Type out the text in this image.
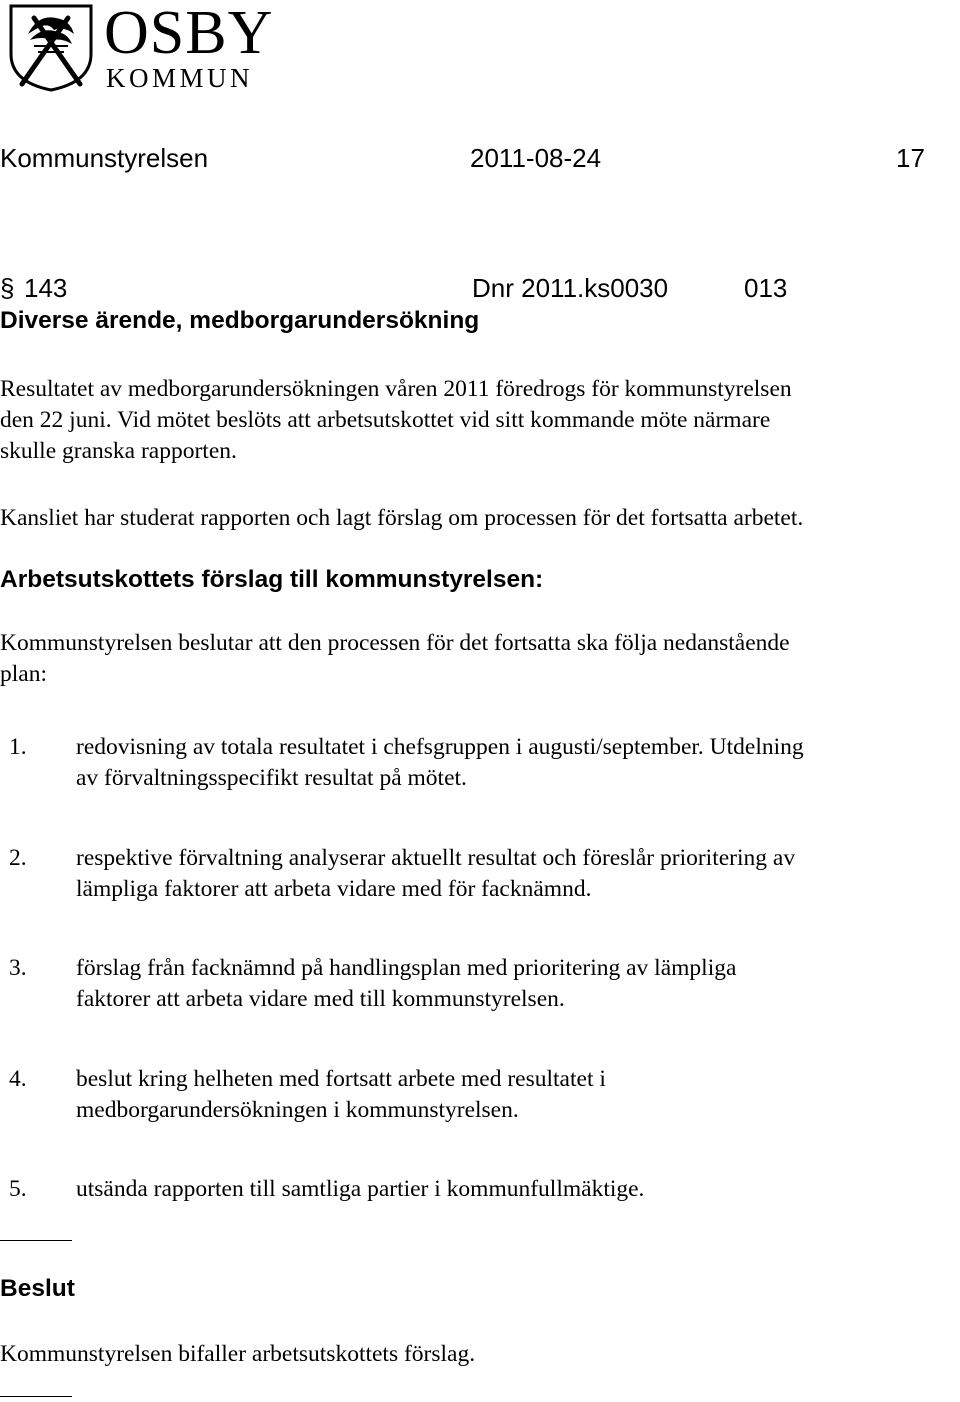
OSBY
KOMMUN
Kommunstyrelsen	2011-08-24	17
§ 143	Dnr 2011.ks0030	013
Diverse ärende, medborgarundersökning
Resultatet av medborgarundersökningen våren 2011 föredrogs för kommunstyrelsen
den 22 juni. Vid mötet beslöts att arbetsutskottet vid sitt kommande möte närmare
skulle granska rapporten.
Kansliet har studerat rapporten och lagt förslag om processen för det fortsatta arbetet.
Arbetsutskottets förslag till kommunstyrelsen:
Kommunstyrelsen beslutar att den processen för det fortsatta ska följa nedanstående
plan:
1. redovisning av totala resultatet i chefsgruppen i augusti/september. Utdelning
av förvaltningsspecifikt resultat på mötet.
2. respektive förvaltning analyserar aktuellt resultat och föreslår prioritering av
lämpliga faktorer att arbeta vidare med för facknämnd.
3. förslag från facknämnd på handlingsplan med prioritering av lämpliga
faktorer att arbeta vidare med till kommunstyrelsen.
4. beslut kring helheten med fortsatt arbete med resultatet i
medborgarundersökningen i kommunstyrelsen.
5. utsända rapporten till samtliga partier i kommunfullmäktige.
Beslut
Kommunstyrelsen bifaller arbetsutskottets förslag.
